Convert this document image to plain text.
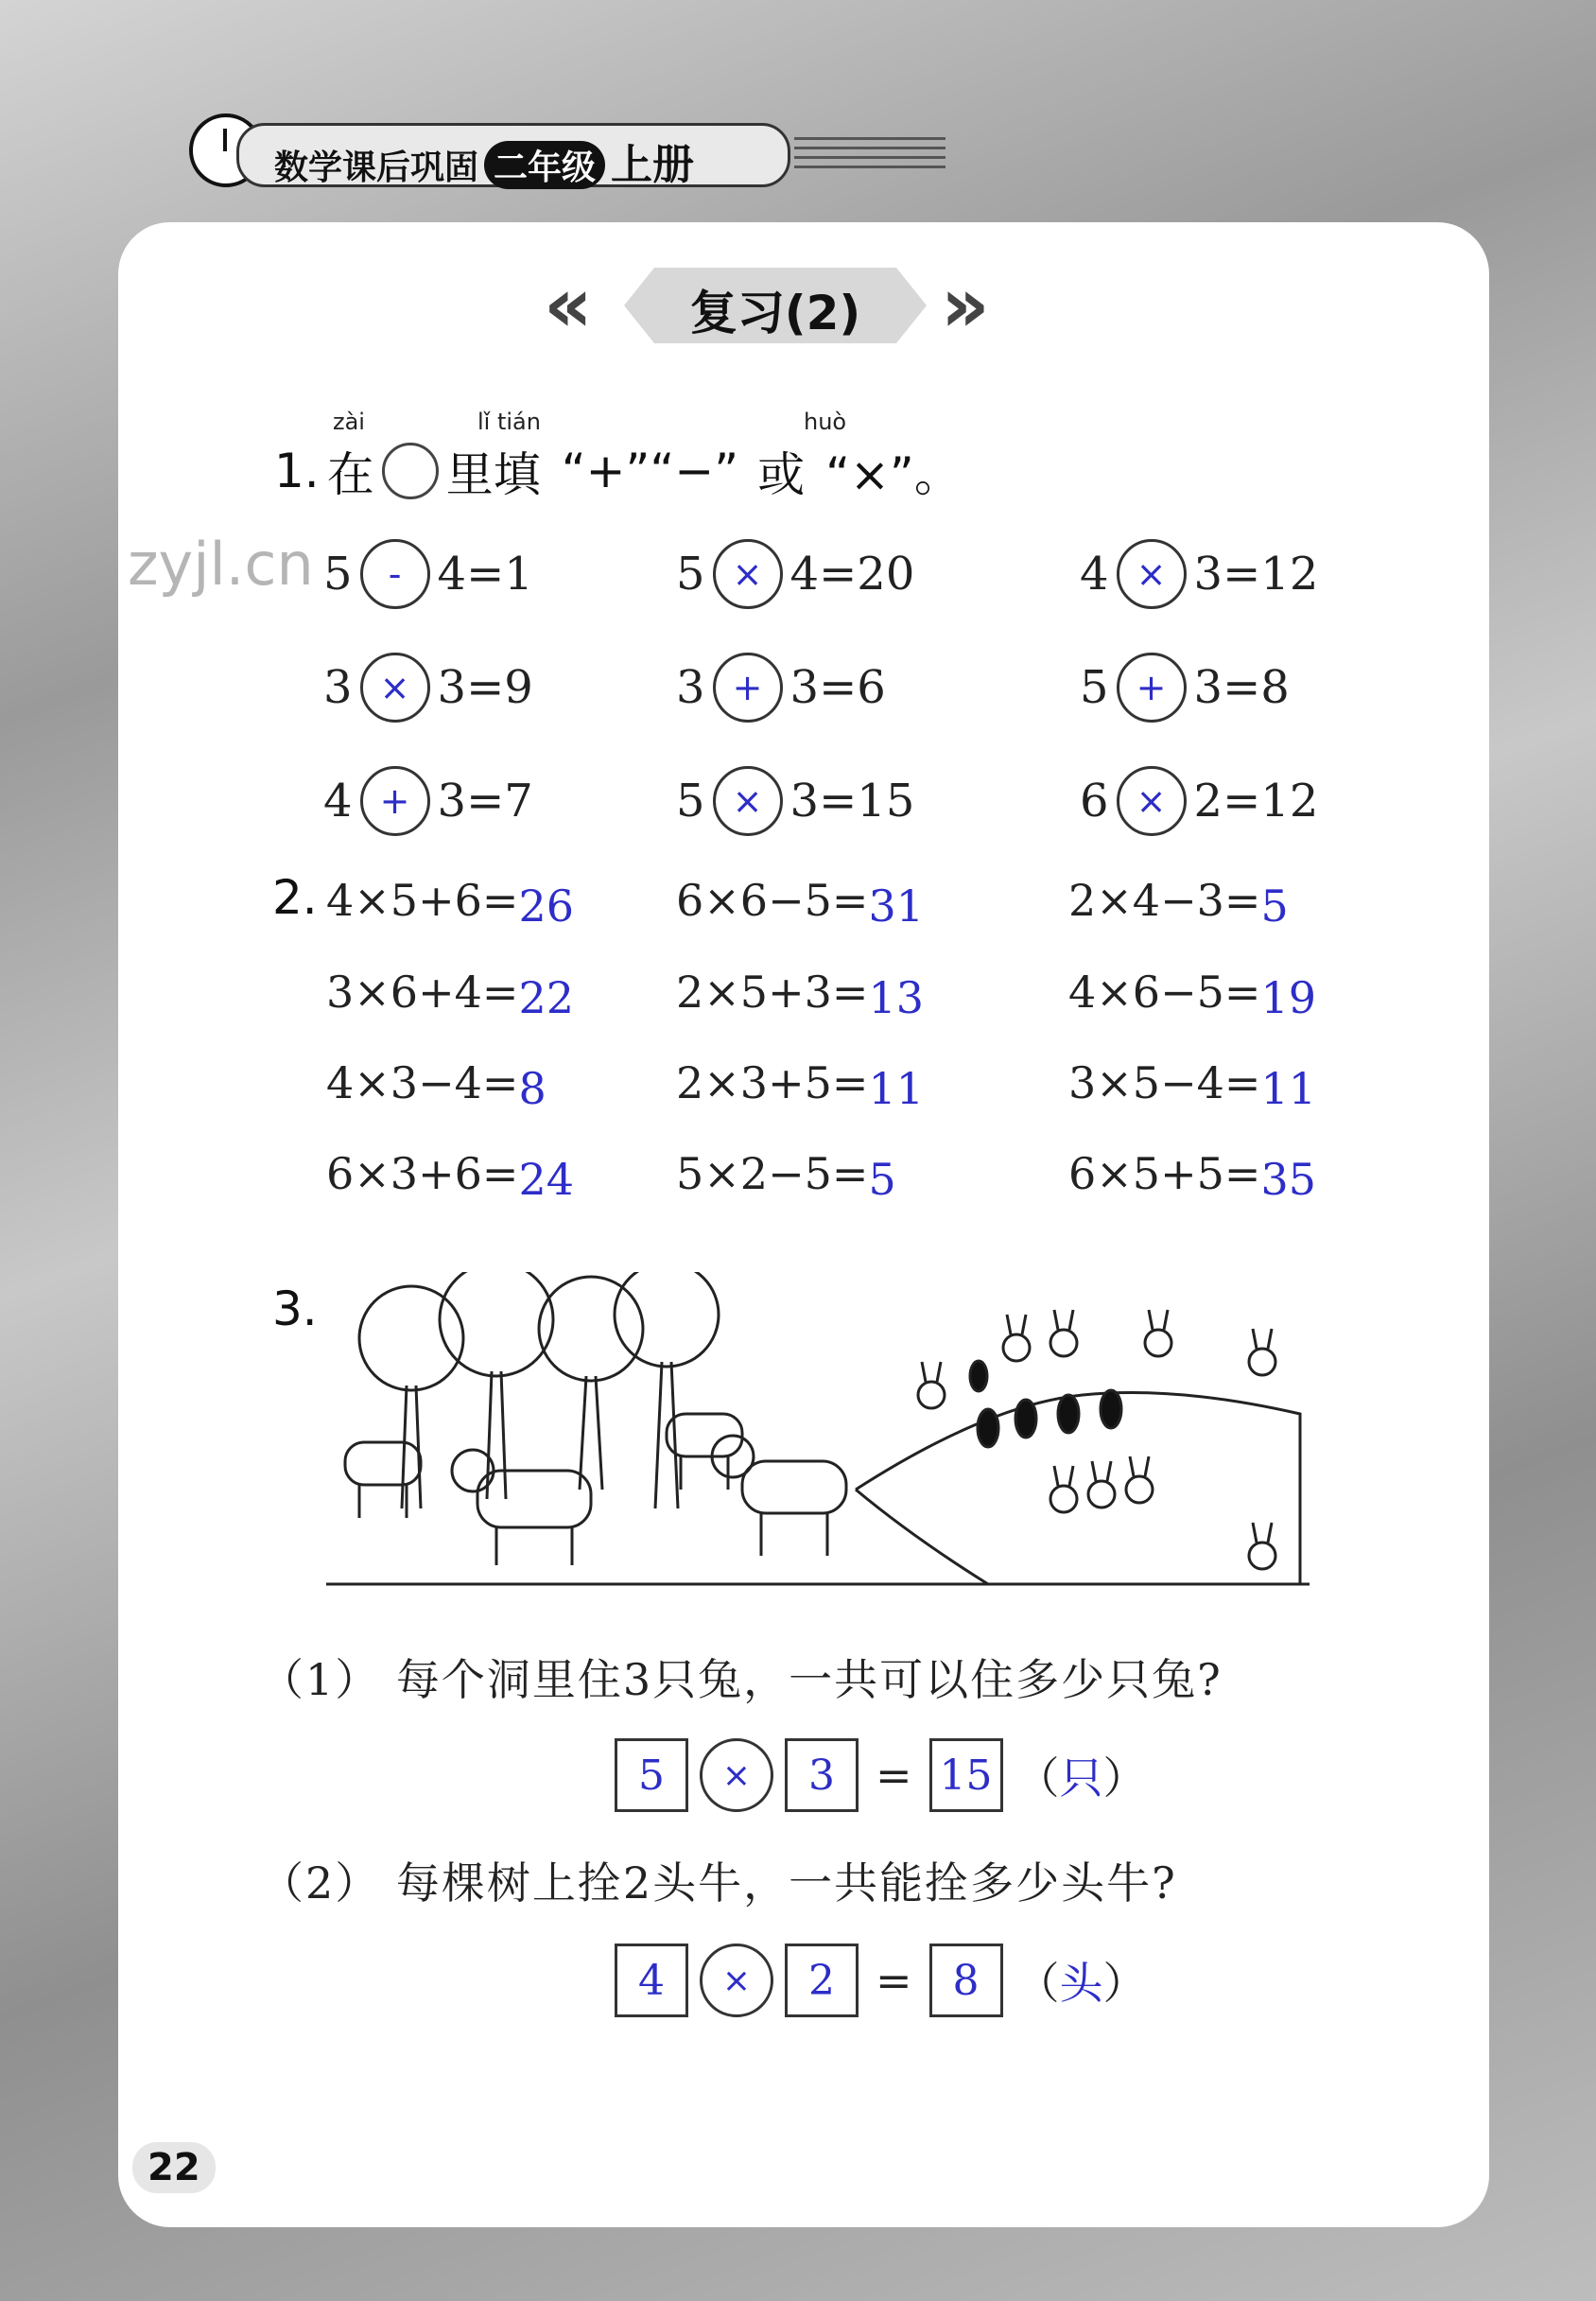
数学课后巩固 二年级 上册
«	»
复习(2)
zyjl.cn
zài	lǐ tián	huò
1. 在 里填 “+”“−” 或 “×”。
5	- 4=1	5 × 4=20	4 × 3=12
3 × 3=9	3 + 3=6	5 + 3=8
4 + 3=7	5 × 3=15	6 × 2=12
2. 4×5+6=26 6×6−5=31	2×4−3=5
3×6+4=22 2×5+3=13	4×6−5=19
4×3−4=8	2×3+5=11	3×5−4=11
6×3+6=24 5×2−5=5	6×5+5=35
3.
（1） 每个洞里住3只兔，一共可以住多少只兔?
5	×	3 = 15 （只）
（2） 每棵树上拴2头牛，一共能拴多少头牛?
4	×	2 = 8 （头）
22
